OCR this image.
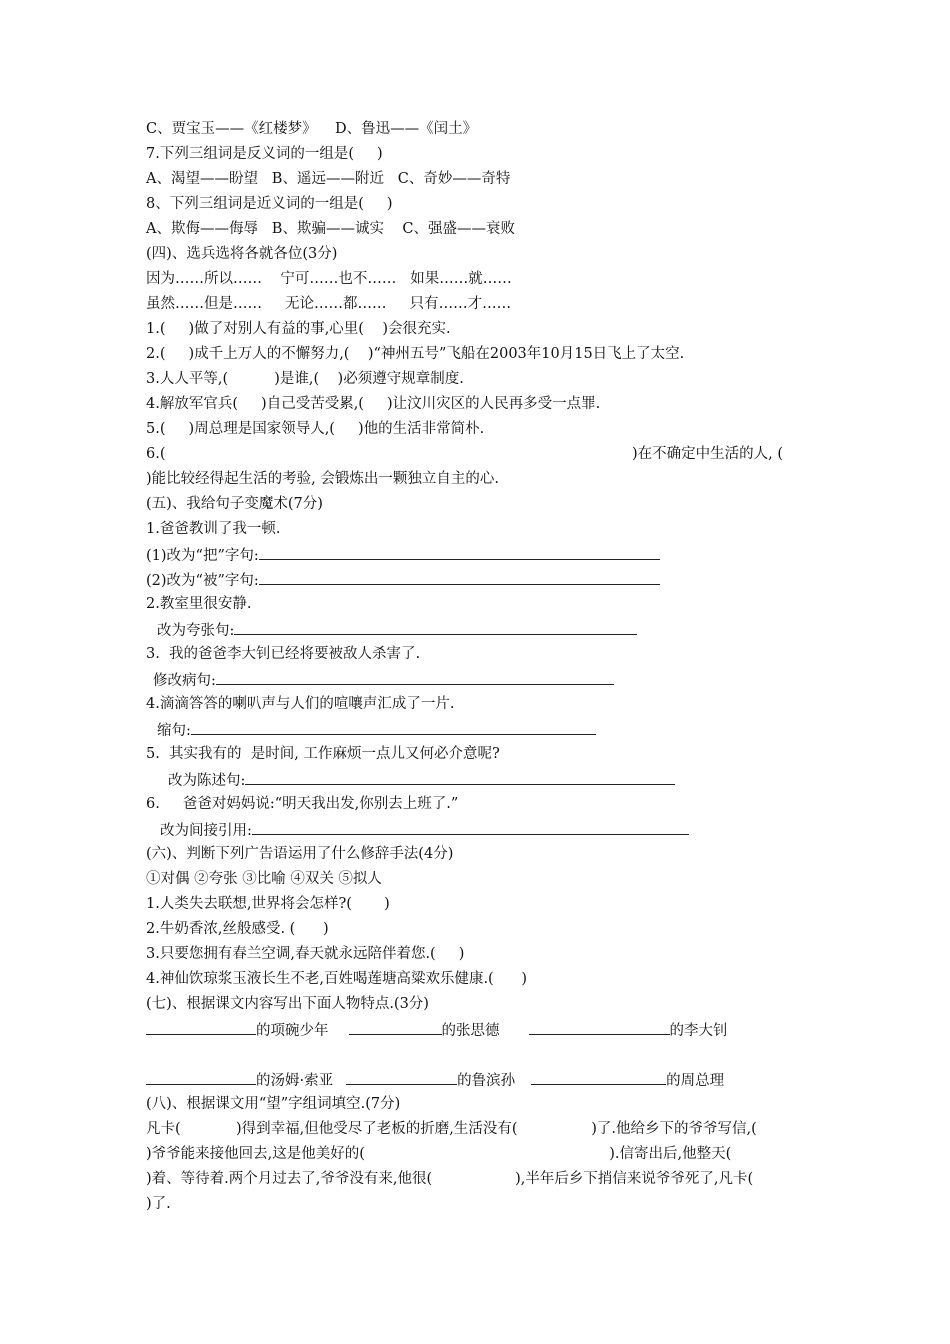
C、贾宝玉——《红楼梦》    D、鲁迅——《闰土》
7.下列三组词是反义词的一组是(     )
A、渴望——盼望   B、遥远——附近   C、奇妙——奇特
8、下列三组词是近义词的一组是(     )
A、欺侮——侮辱   B、欺骗——诚实    C、强盛——衰败
(四)、选兵选将各就各位(3分)
因为……所以……    宁可……也不……   如果……就……
虽然……但是……     无论……都……     只有……才……
1.(     )做了对别人有益的事,心里(    )会很充实.
2.(     )成千上万人的不懈努力,(    )“神州五号”飞船在2003年10月15日飞上了太空.
3.人人平等,(          )是谁,(    )必须遵守规章制度.
4.解放军官兵(     )自己受苦受累,(     )让汶川灾区的人民再多受一点罪.
5.(     )周总理是国家领导人,(     )他的生活非常简朴.
6.(	)在不确定中生活的人, (
)能比较经得起生活的考验, 会锻炼出一颗独立自主的心.
(五)、我给句子变魔术(7分)
1.爸爸教训了我一顿.
(1)改为“把”字句:
(2)改为“被”字句:
2.教室里很安静.
改为夸张句:
3.  我的爸爸李大钊已经将要被敌人杀害了.
修改病句:
4.滴滴答答的喇叭声与人们的喧嚷声汇成了一片.
缩句:
5.  其实我有的  是时间, 工作麻烦一点儿又何必介意呢?
改为陈述句:
6.     爸爸对妈妈说:“明天我出发,你别去上班了.”
改为间接引用:
(六)、判断下列广告语运用了什么修辞手法(4分)
①对偶 ②夸张 ③比喻 ④双关 ⑤拟人
1.人类失去联想,世界将会怎样?(       )
2.牛奶香浓,丝般感受. (      )
3.只要您拥有春兰空调,春天就永远陪伴着您.(     )
4.神仙饮琼浆玉液长生不老,百姓喝莲塘高粱欢乐健康.(      )
(七)、根据课文内容写出下面人物特点.(3分)
的项碗少年	的张思德	的李大钊
的汤姆·索亚	的鲁滨孙	的周总理
(八)、根据课文用“望”字组词填空.(7分)
凡卡(            )得到幸福,但他受尽了老板的折磨,生活没有(                )了.他给乡下的爷爷写信,(
)爷爷能来接他回去,这是他美好的(                                                     ).信寄出后,他整天(
)着、等待着.两个月过去了,爷爷没有来,他很(                  ),半年后乡下捎信来说爷爷死了,凡卡(
)了.
